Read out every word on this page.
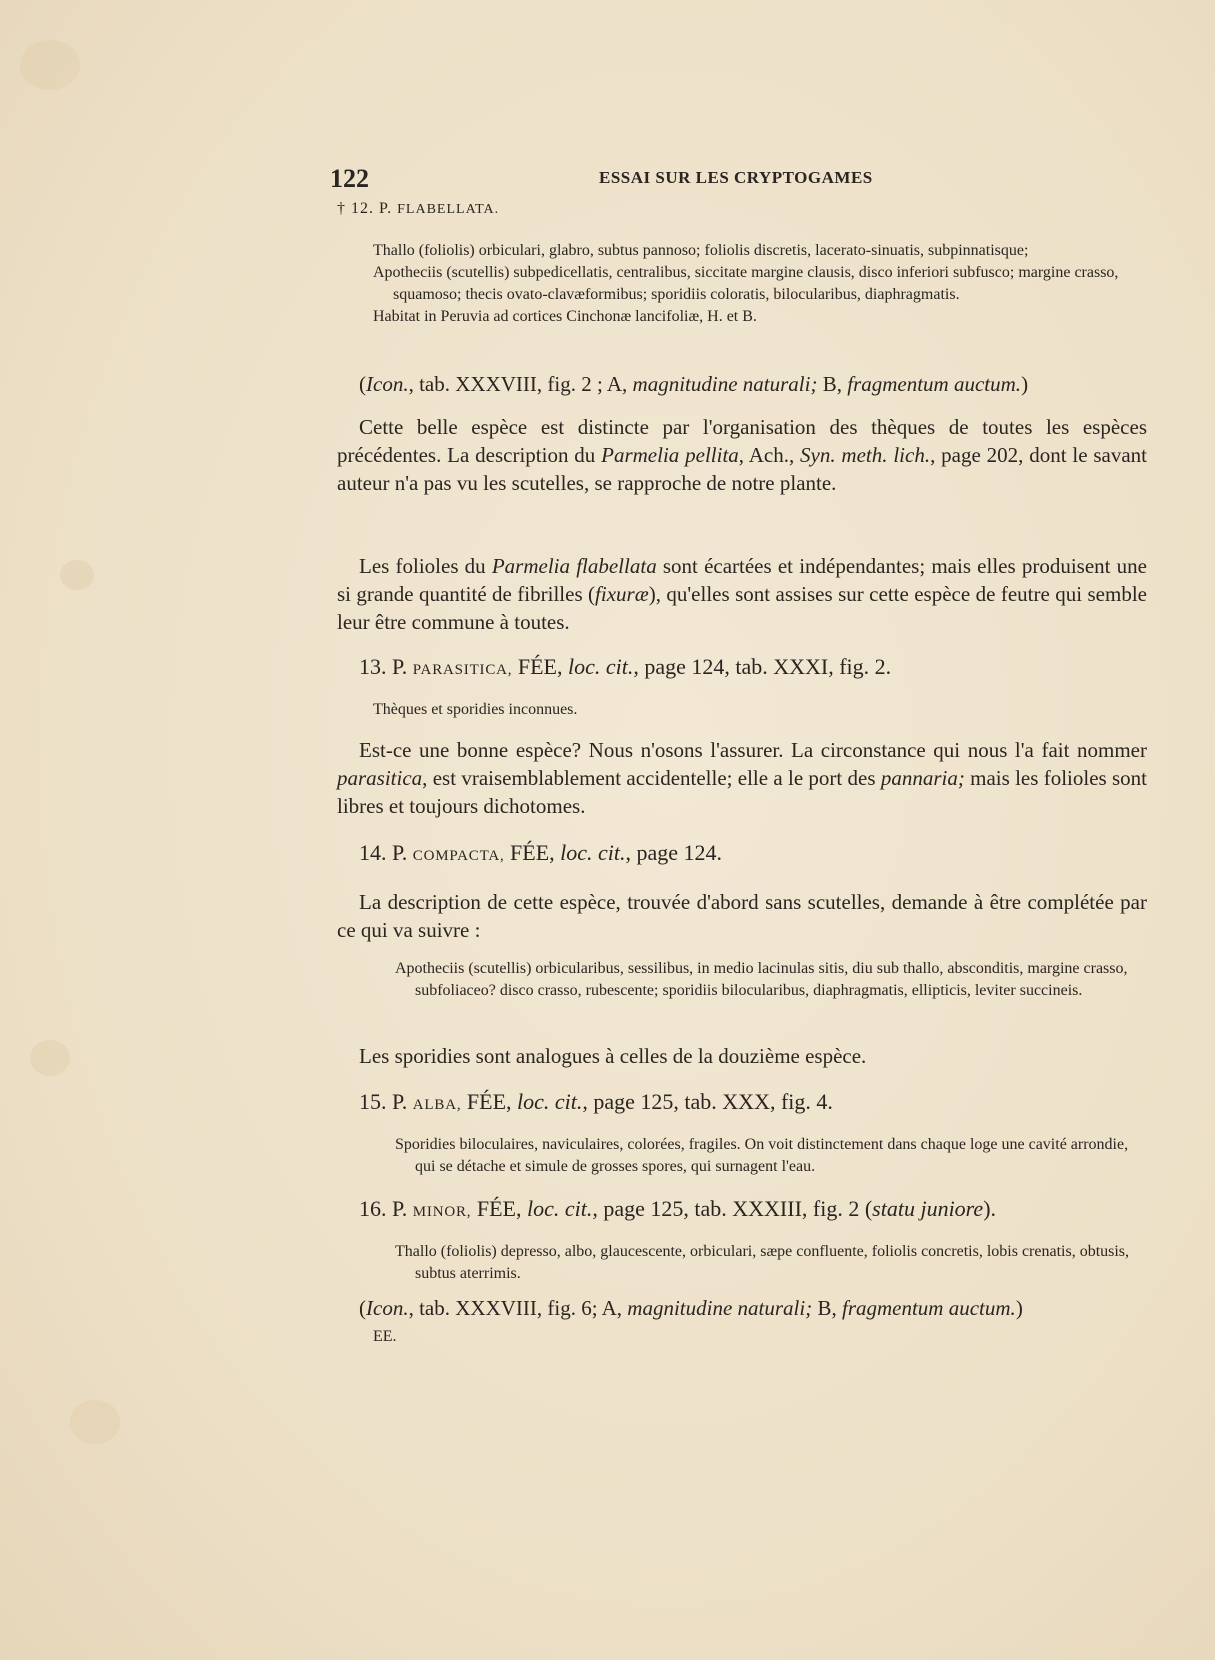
122	ESSAI SUR LES CRYPTOGAMES

† 12. P. FLABELLATA.

Thallo (foliolis) orbiculari, glabro, subtus pannoso; foliolis discretis, lacerato-sinuatis, subpinnatisque;

Apotheciis (scutellis) subpedicellatis, centralibus, siccitate margine clausis, disco inferiori subfusco; margine crasso, squamoso; thecis ovato-clavæformibus; sporidiis coloratis, bilocularibus, diaphragmatis.

Habitat in Peruvia ad cortices Cinchonæ lancifoliæ, H. et B.

(Icon., tab. XXXVIII, fig. 2 ; A, magnitudine naturali; B, fragmentum auctum.)

Cette belle espèce est distincte par l'organisation des thèques de toutes les espèces précédentes. La description du Parmelia pellita, Ach., Syn. meth. lich., page 202, dont le savant auteur n'a pas vu les scutelles, se rapproche de notre plante.

Les folioles du Parmelia flabellata sont écartées et indépendantes; mais elles produisent une si grande quantité de fibrilles (fixuræ), qu'elles sont assises sur cette espèce de feutre qui semble leur être commune à toutes.

13. P. PARASITICA, FÉE, loc. cit., page 124, tab. XXXI, fig. 2.

Thèques et sporidies inconnues.

Est-ce une bonne espèce? Nous n'osons l'assurer. La circonstance qui nous l'a fait nommer parasitica, est vraisemblablement accidentelle; elle a le port des pannaria; mais les folioles sont libres et toujours dichotomes.

14. P. COMPACTA, FÉE, loc. cit., page 124.

La description de cette espèce, trouvée d'abord sans scutelles, demande à être complétée par ce qui va suivre :

Apotheciis (scutellis) orbicularibus, sessilibus, in medio lacinulas sitis, diu sub thallo, absconditis, margine crasso, subfoliaceo? disco crasso, rubescente; sporidiis bilocularibus, diaphragmatis, ellipticis, leviter succineis.

Les sporidies sont analogues à celles de la douzième espèce.

15. P. ALBA, FÉE, loc. cit., page 125, tab. XXX, fig. 4.

Sporidies biloculaires, naviculaires, colorées, fragiles. On voit distinctement dans chaque loge une cavité arrondie, qui se détache et simule de grosses spores, qui surnagent l'eau.

16. P. MINOR, FÉE, loc. cit., page 125, tab. XXXIII, fig. 2 (statu juniore).

Thallo (foliolis) depresso, albo, glaucescente, orbiculari, sæpe confluente, foliolis concretis, lobis crenatis, obtusis, subtus aterrimis.

(Icon., tab. XXXVIII, fig. 6; A, magnitudine naturali; B, fragmentum auctum.)

EE.
